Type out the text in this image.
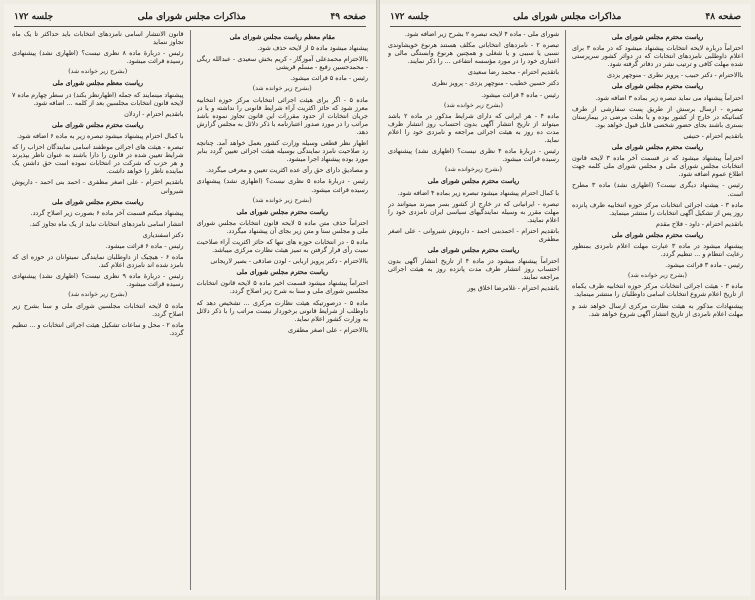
صفحه ۴۹
مذاکرات مجلس شورای ملی
جلسه ۱۷۲

مقام معظم ریاست مجلس شورای ملی

پیشنهاد میشود ماده ۵ از لایحه حذف شود.

باالاحترام محمدعلی آموزگار - کریم بخش سعیدی - عبدالله ریگی - محمدحسین رفیع - مسلم قریشی

رئیس - ماده ۵ قرائت میشود.

(بشرح زیر خوانده شد)

ماده ۵ - اگر برای هیئت اجرائی انتخابات مرکز حوزه انتخابیه معرز شود که حائز اکثریت آراء شرایط قانونی را نداشته و یا در جریان انتخابات از حدود مقررات این قانون تجاوز نموده باشد مراتب را در مورد صدور اعتبارنامه با ذکر دلائل به مجلس گزارش دهد.

اظهار نظر قطعی وسیله وزارت کشور بعمل خواهد آمد. چنانچه رد صلاحیت نامزد نمایندگی بوسیله هیئت اجرائی تعیین گردد بنابر مورد بوده پیشنهاد اجرا میشود.

و مصادیق دارای حق رأی عده اکثریت تعیین و معرفی میگردد.

رئیس - دربارهٔ ماده ۵ نظری نیست؟ (اظهاری نشد) پیشنهادی رسیده قرائت میشود.

(بشرح زیر خوانده شد)

ریاست محترم مجلس شورای ملی

احتراماً حذف متن ماده ۵ لایحه قانون انتخابات مجلس شورای ملی و مجلس سنا و متن زیر بجای آن پیشنهاد میگردد.

ماده ۵ - در انتخابات حوزه های تنها که حائز اکثریت آراء صلاحیت نمیت رأی قرار گرفتن به تمیز هیئت نظارت مرکزی میباشد.

باالاحترام - دکتر پرویز اربابی - لودن صادقی - بصیر لاریجانی

ریاست محترم مجلس شورای ملی

احتراماً پیشنهاد میشود قسمت اخیر ماده ۵ لایحه قانون انتخابات مجلسین شورای ملی و سنا به شرح زیر اصلاح گردد.

ماده ۵ - درصورتیکه هیئت نظارت مرکزی ... تشخیص دهد که داوطلب از شرایط قانونی برخوردار نیست مراتب را با ذکر دلائل به وزارت کشور اعلام نماید.

باالاحترام - علی اصغر مظفری

قانون الانتشار اسامی نامزدهای انتخابات باید حداکثر تا یک ماه تجاوز ننماید

رئیس - دربارهٔ ماده ۸ نظری نیست؟ (اظهاری نشد) پیشنهادی رسیده قرائت میشود.

(بشرح زیر خوانده شد)

ریاست معظم مجلس شورای ملی

پیشنهاد مینمایند که جمله (اظهارنظر بکند) در سطر چهارم ماده ۷ لایحه قانون انتخابات مجلسین بعد از کلمه ... اضافه شود.

باتقدیم احترام - اردلان

ریاست محترم مجلس شورای ملی

با کمال احترام پیشنهاد میشود تبصره زیر به ماده ۶ اضافه شود.

تبصره - هیئت های اجرائی موظفند اسامی نمایندگان احزاب را که شرایط تعیین شده در قانون را دارا باشند به عنوان ناظر بپذیرند و هر حزب که شرکت در انتخابات نموده است حق داشتن یک نماینده ناظر را خواهد داشت.

باتقدیم احترام - علی اصغر مظفری - احمد بنی احمد - داریوش شیروانی

ریاست محترم مجلس شورای ملی

پیشنهاد میکنم قسمت آخر ماده ۶ بصورت زیر اصلاح گردد.

انتشار اسامی نامزدهای انتخابات نباید از یک ماه تجاوز کند.

دکتر اسفندیاری

رئیس - ماده ۶ قرائت میشود.

ماده ۶ - هیچیک از داوطلبان نمایندگی نمیتوانان در حوزه ای که نامزد شده اند نامزدی اعلام کند.

رئیس - دربارهٔ ماده ۹ نظری نیست؟ (اظهاری نشد) پیشنهادی رسیده قرائت میشود.

(بشرح زیر خوانده شد)

ماده ۵ لایحه انتخابات مجلسین شورای ملی و سنا بشرح زیر اصلاح گردد.

ماده ۲ - محل و ساعات تشکیل هیئت اجرائی انتخابات و ... تنظیم گردد.

صفحه ۴۸
مذاکرات مجلس شورای ملی
جلسه ۱۷۲

ریاست محترم مجلس شورای ملی

احتراماً درباره لایحه انتخابات پیشنهاد میشود که در ماده ۳ برای اعلام داوطلبی نامزدهای انتخابات که در دوائر کشور سرپرستی شده مهلت کافی و ترتیب نشر در دفاتر گرفته شود.

باالاحترام - دکتر حبیب - پرویز نظری - منوچهر یزدی

ریاست محترم مجلس شورای ملی

احتراماً پیشنهاد می نماید تبصره زیر بماده ۳ اضافه شود.

تبصره - ارسال برسش از طریق پست سفارشی از طرف کسانیکه در خارج از کشور بوده و یا بعلت مرضی در بیمارستان بستری باشند بجای حضور شخصی قابل قبول خواهد بود.

باتقدیم احترام - حنیفی

ریاست محترم مجلس شورای ملی

احتراماً پیشنهاد میشود که در قسمت آخر ماده ۳ لایحه قانون انتخابات مجلس شورای ملی و مجلس شورای ملی کلمه جهت اطلاع عموم اضافه شود.

رئیس - پیشنهاد دیگری نیست؟ (اظهاری نشد) ماده ۳ مطرح است.

ماده ۳ - هیئت اجرائی انتخابات مرکز حوزه انتخابیه ظرف پانزده روز پس از تشکیل آگهی انتخابات را منتشر مینماید.

باتقدیم احترام - داود - فلاح مقدم

ریاست محترم مجلس شورای ملی

پیشنهاد میشود در ماده ۳ عبارت مهلت اعلام نامزدی بمنظور رعایت انتظام و ... تنظیم گردد.

رئیس - ماده ۳ قرائت میشود.

(بشرح زیر خوانده شد)

ماده ۳ - هیئت اجرائی انتخابات مرکز حوزه انتخابیه ظرف یکماه از تاریخ اعلام شروع انتخابات اسامی داوطلبان را منتشر مینماید.

پیشنهادات مذکور به هیئت نظارت مرکزی ارسال خواهد شد و مهلت اعلام نامزدی از تاریخ انتشار آگهی شروع خواهد شد.

شورای ملی - ماده ۴ لایحه تبصره ۲ بشرح زیر اضافه شود.

تبصره ۲ - نامزدهای انتخاباتی مکلف هستند هرنوع خویشاوندی نسبی یا سببی و یا شغلی و همچنین هرنوع وابستگی مالی و اعتباری خود را در مورد مؤسسه انتفاعی ... را ذکر نمایند.

باتقدیم احترام - محمد رضا سعیدی

دکتر حسین خطیب - منوچهر یزدی - پرویز نظری

رئیس - ماده ۴ قرائت میشود.

(بشرح زیر خوانده شد)

ماده ۴ - هر ایرانی که دارای شرایط مذکور در ماده ۲ باشد میتواند از تاریخ انتشار آگهی بدون احتساب روز انتشار ظرف مدت ده روز به هیئت اجرائی مراجعه و نامزدی خود را اعلام نماید.

رئیس - دربارهٔ ماده ۴ نظری نیست؟ (اظهاری نشد) پیشنهادی رسیده قرائت میشود.

(بشرح زیرخوانده شد)

ریاست محترم مجلس شورای ملی

با کمال احترام پیشنهاد میشود تبصره زیر بماده ۴ اضافه شود.

تبصره - ایرانیانی که در خارج از کشور بسر میبرند میتوانند در مهلت مقرر به وسیله نمایندگیهای سیاسی ایران نامزدی خود را اعلام نمایند.

باتقدیم احترام - احمدبنی احمد - داریوش شیروانی - علی اصغر مظفری

ریاست محترم مجلس شورای ملی

احتراماً پیشنهاد میشود در ماده ۴ از تاریخ انتشار آگهی بدون احتساب روز انتشار ظرف مدت پانزده روز به هیئت اجرائی مراجعه نمایند.

باتقدیم احترام - غلامرضا اخلاق پور
